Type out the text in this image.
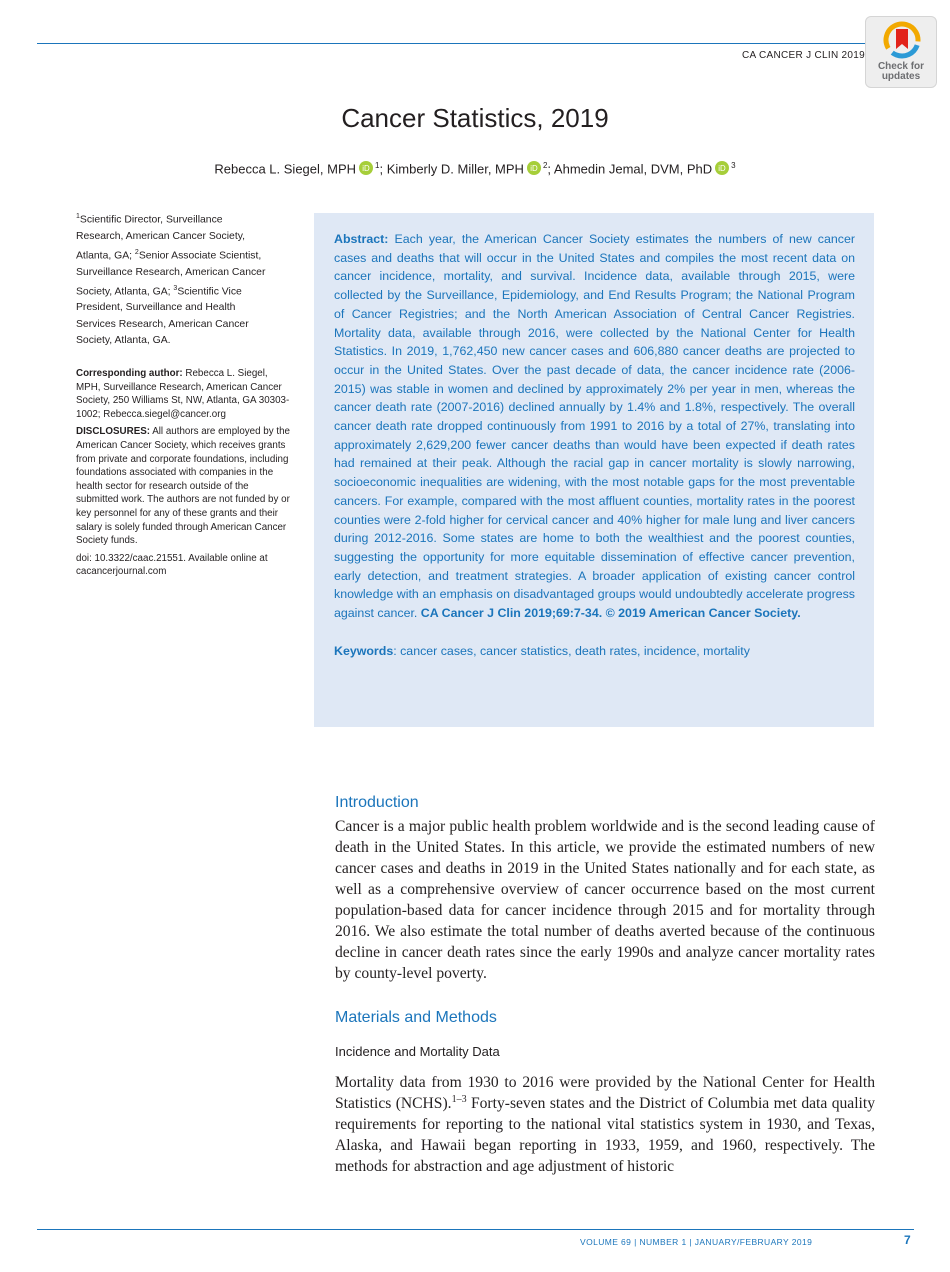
CA CANCER J CLIN 2019
Check for
updates
Cancer Statistics, 2019
Rebecca L. Siegel, MPH iD $^1$; Kimberly D. Miller, MPH iD $^2$; Ahmedin Jemal, DVM, PhD iD $^3$
$^1$Scientific Director, Surveillance Research, American Cancer Society, Atlanta, GA; $^2$Senior Associate Scientist, Surveillance Research, American Cancer Society, Atlanta, GA; $^3$Scientific Vice President, Surveillance and Health Services Research, American Cancer Society, Atlanta, GA.

Corresponding author: Rebecca L. Siegel, MPH, Surveillance Research, American Cancer Society, 250 Williams St, NW, Atlanta, GA 30303-1002; Rebecca.siegel@cancer.org

DISCLOSURES: All authors are employed by the American Cancer Society, which receives grants from private and corporate foundations, including foundations associated with companies in the health sector for research outside of the submitted work. The authors are not funded by or key personnel for any of these grants and their salary is solely funded through American Cancer Society funds.

doi: 10.3322/caac.21551. Available online at cacancerjournal.com

Abstract: Each year, the American Cancer Society estimates the numbers of new cancer cases and deaths that will occur in the United States and compiles the most recent data on cancer incidence, mortality, and survival. Incidence data, available through 2015, were collected by the Surveillance, Epidemiology, and End Results Program; the National Program of Cancer Registries; and the North American Association of Central Cancer Registries. Mortality data, available through 2016, were collected by the National Center for Health Statistics. In 2019, 1,762,450 new cancer cases and 606,880 cancer deaths are projected to occur in the United States. Over the past decade of data, the cancer incidence rate (2006-2015) was stable in women and declined by approximately 2% per year in men, whereas the cancer death rate (2007-2016) declined annually by 1.4% and 1.8%, respectively. The overall cancer death rate dropped continuously from 1991 to 2016 by a total of 27%, translating into approximately 2,629,200 fewer cancer deaths than would have been expected if death rates had remained at their peak. Although the racial gap in cancer mortality is slowly narrowing, socioeconomic inequalities are widening, with the most notable gaps for the most preventable cancers. For example, compared with the most affluent counties, mortality rates in the poorest counties were 2-fold higher for cervical cancer and 40% higher for male lung and liver cancers during 2012-2016. Some states are home to both the wealthiest and the poorest counties, suggesting the opportunity for more equitable dissemination of effective cancer prevention, early detection, and treatment strategies. A broader application of existing cancer control knowledge with an emphasis on disadvantaged groups would undoubtedly accelerate progress against cancer. CA Cancer J Clin 2019;69:7-34. © 2019 American Cancer Society.

Keywords: cancer cases, cancer statistics, death rates, incidence, mortality
Introduction

Cancer is a major public health problem worldwide and is the second leading cause of death in the United States. In this article, we provide the estimated numbers of new cancer cases and deaths in 2019 in the United States nationally and for each state, as well as a comprehensive overview of cancer occurrence based on the most current population-based data for cancer incidence through 2015 and for mortality through 2016. We also estimate the total number of deaths averted because of the continuous decline in cancer death rates since the early 1990s and analyze cancer mortality rates by county-level poverty.

Materials and Methods
Incidence and Mortality Data

Mortality data from 1930 to 2016 were provided by the National Center for Health Statistics (NCHS).$^{1-3}$ Forty-seven states and the District of Columbia met data quality requirements for reporting to the national vital statistics system in 1930, and Texas, Alaska, and Hawaii began reporting in 1933, 1959, and 1960, respectively. The methods for abstraction and age adjustment of historic

VOLUME 69 | NUMBER 1 | JANUARY/FEBRUARY 2019	7
